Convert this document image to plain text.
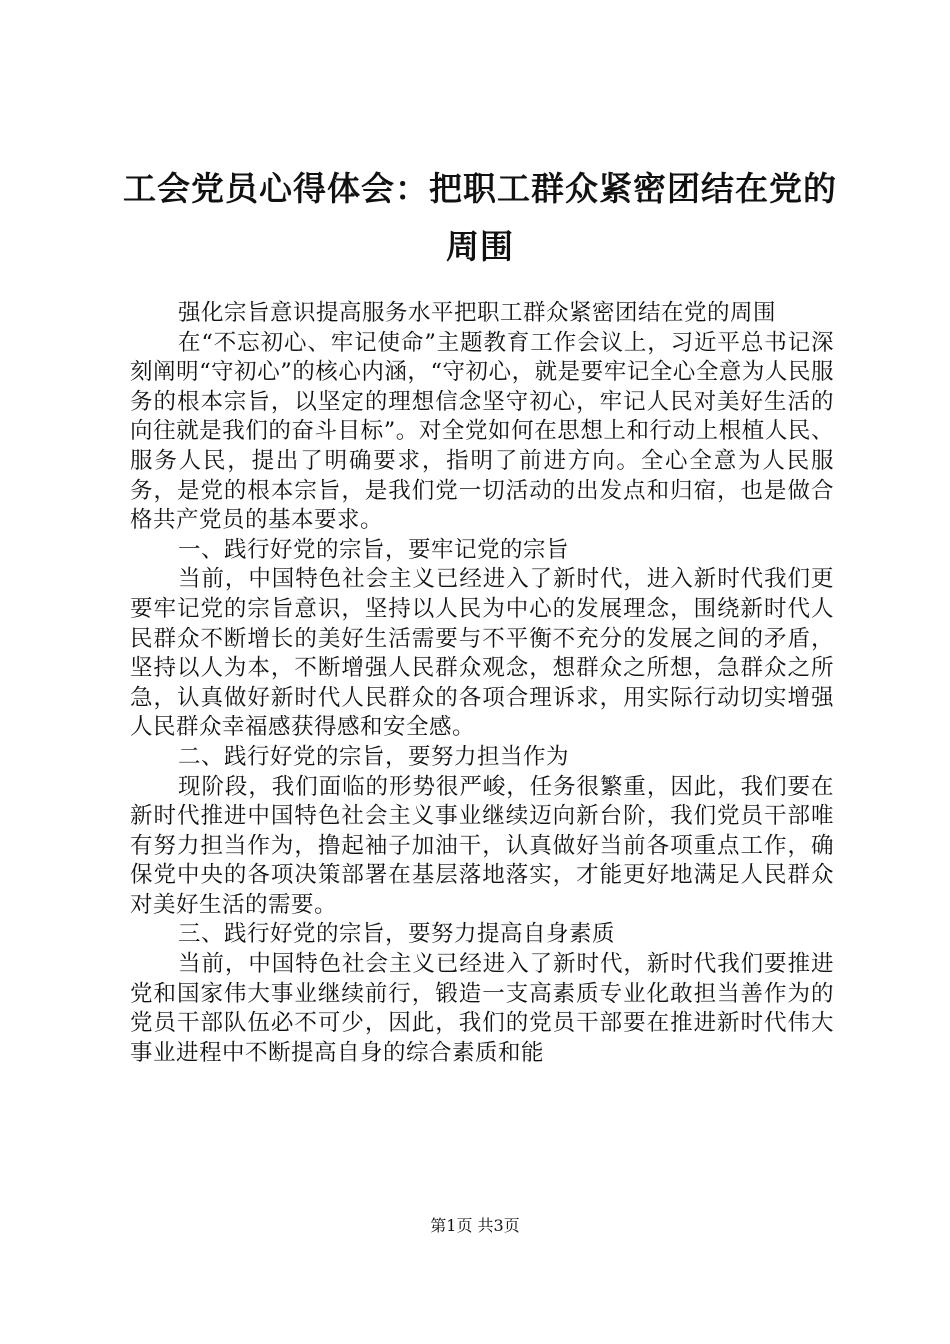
工会党员心得体会：把职工群众紧密团结在党的周围

强化宗旨意识提高服务水平把职工群众紧密团结在党的周围

在“不忘初心、牢记使命”主题教育工作会议上，习近平总书记深刻阐明“守初心”的核心内涵，“守初心，就是要牢记全心全意为人民服务的根本宗旨，以坚定的理想信念坚守初心，牢记人民对美好生活的向往就是我们的奋斗目标”。对全党如何在思想上和行动上根植人民、服务人民，提出了明确要求，指明了前进方向。全心全意为人民服务，是党的根本宗旨，是我们党一切活动的出发点和归宿，也是做合格共产党员的基本要求。

一、践行好党的宗旨，要牢记党的宗旨

当前，中国特色社会主义已经进入了新时代，进入新时代我们更要牢记党的宗旨意识，坚持以人民为中心的发展理念，围绕新时代人民群众不断增长的美好生活需要与不平衡不充分的发展之间的矛盾，坚持以人为本，不断增强人民群众观念，想群众之所想，急群众之所急，认真做好新时代人民群众的各项合理诉求，用实际行动切实增强人民群众幸福感获得感和安全感。

二、践行好党的宗旨，要努力担当作为

现阶段，我们面临的形势很严峻，任务很繁重，因此，我们要在新时代推进中国特色社会主义事业继续迈向新台阶，我们党员干部唯有努力担当作为，撸起袖子加油干，认真做好当前各项重点工作，确保党中央的各项决策部署在基层落地落实，才能更好地满足人民群众对美好生活的需要。

三、践行好党的宗旨，要努力提高自身素质

当前，中国特色社会主义已经进入了新时代，新时代我们要推进党和国家伟大事业继续前行，锻造一支高素质专业化敢担当善作为的党员干部队伍必不可少，因此，我们的党员干部要在推进新时代伟大事业进程中不断提高自身的综合素质和能

第1页 共3页
